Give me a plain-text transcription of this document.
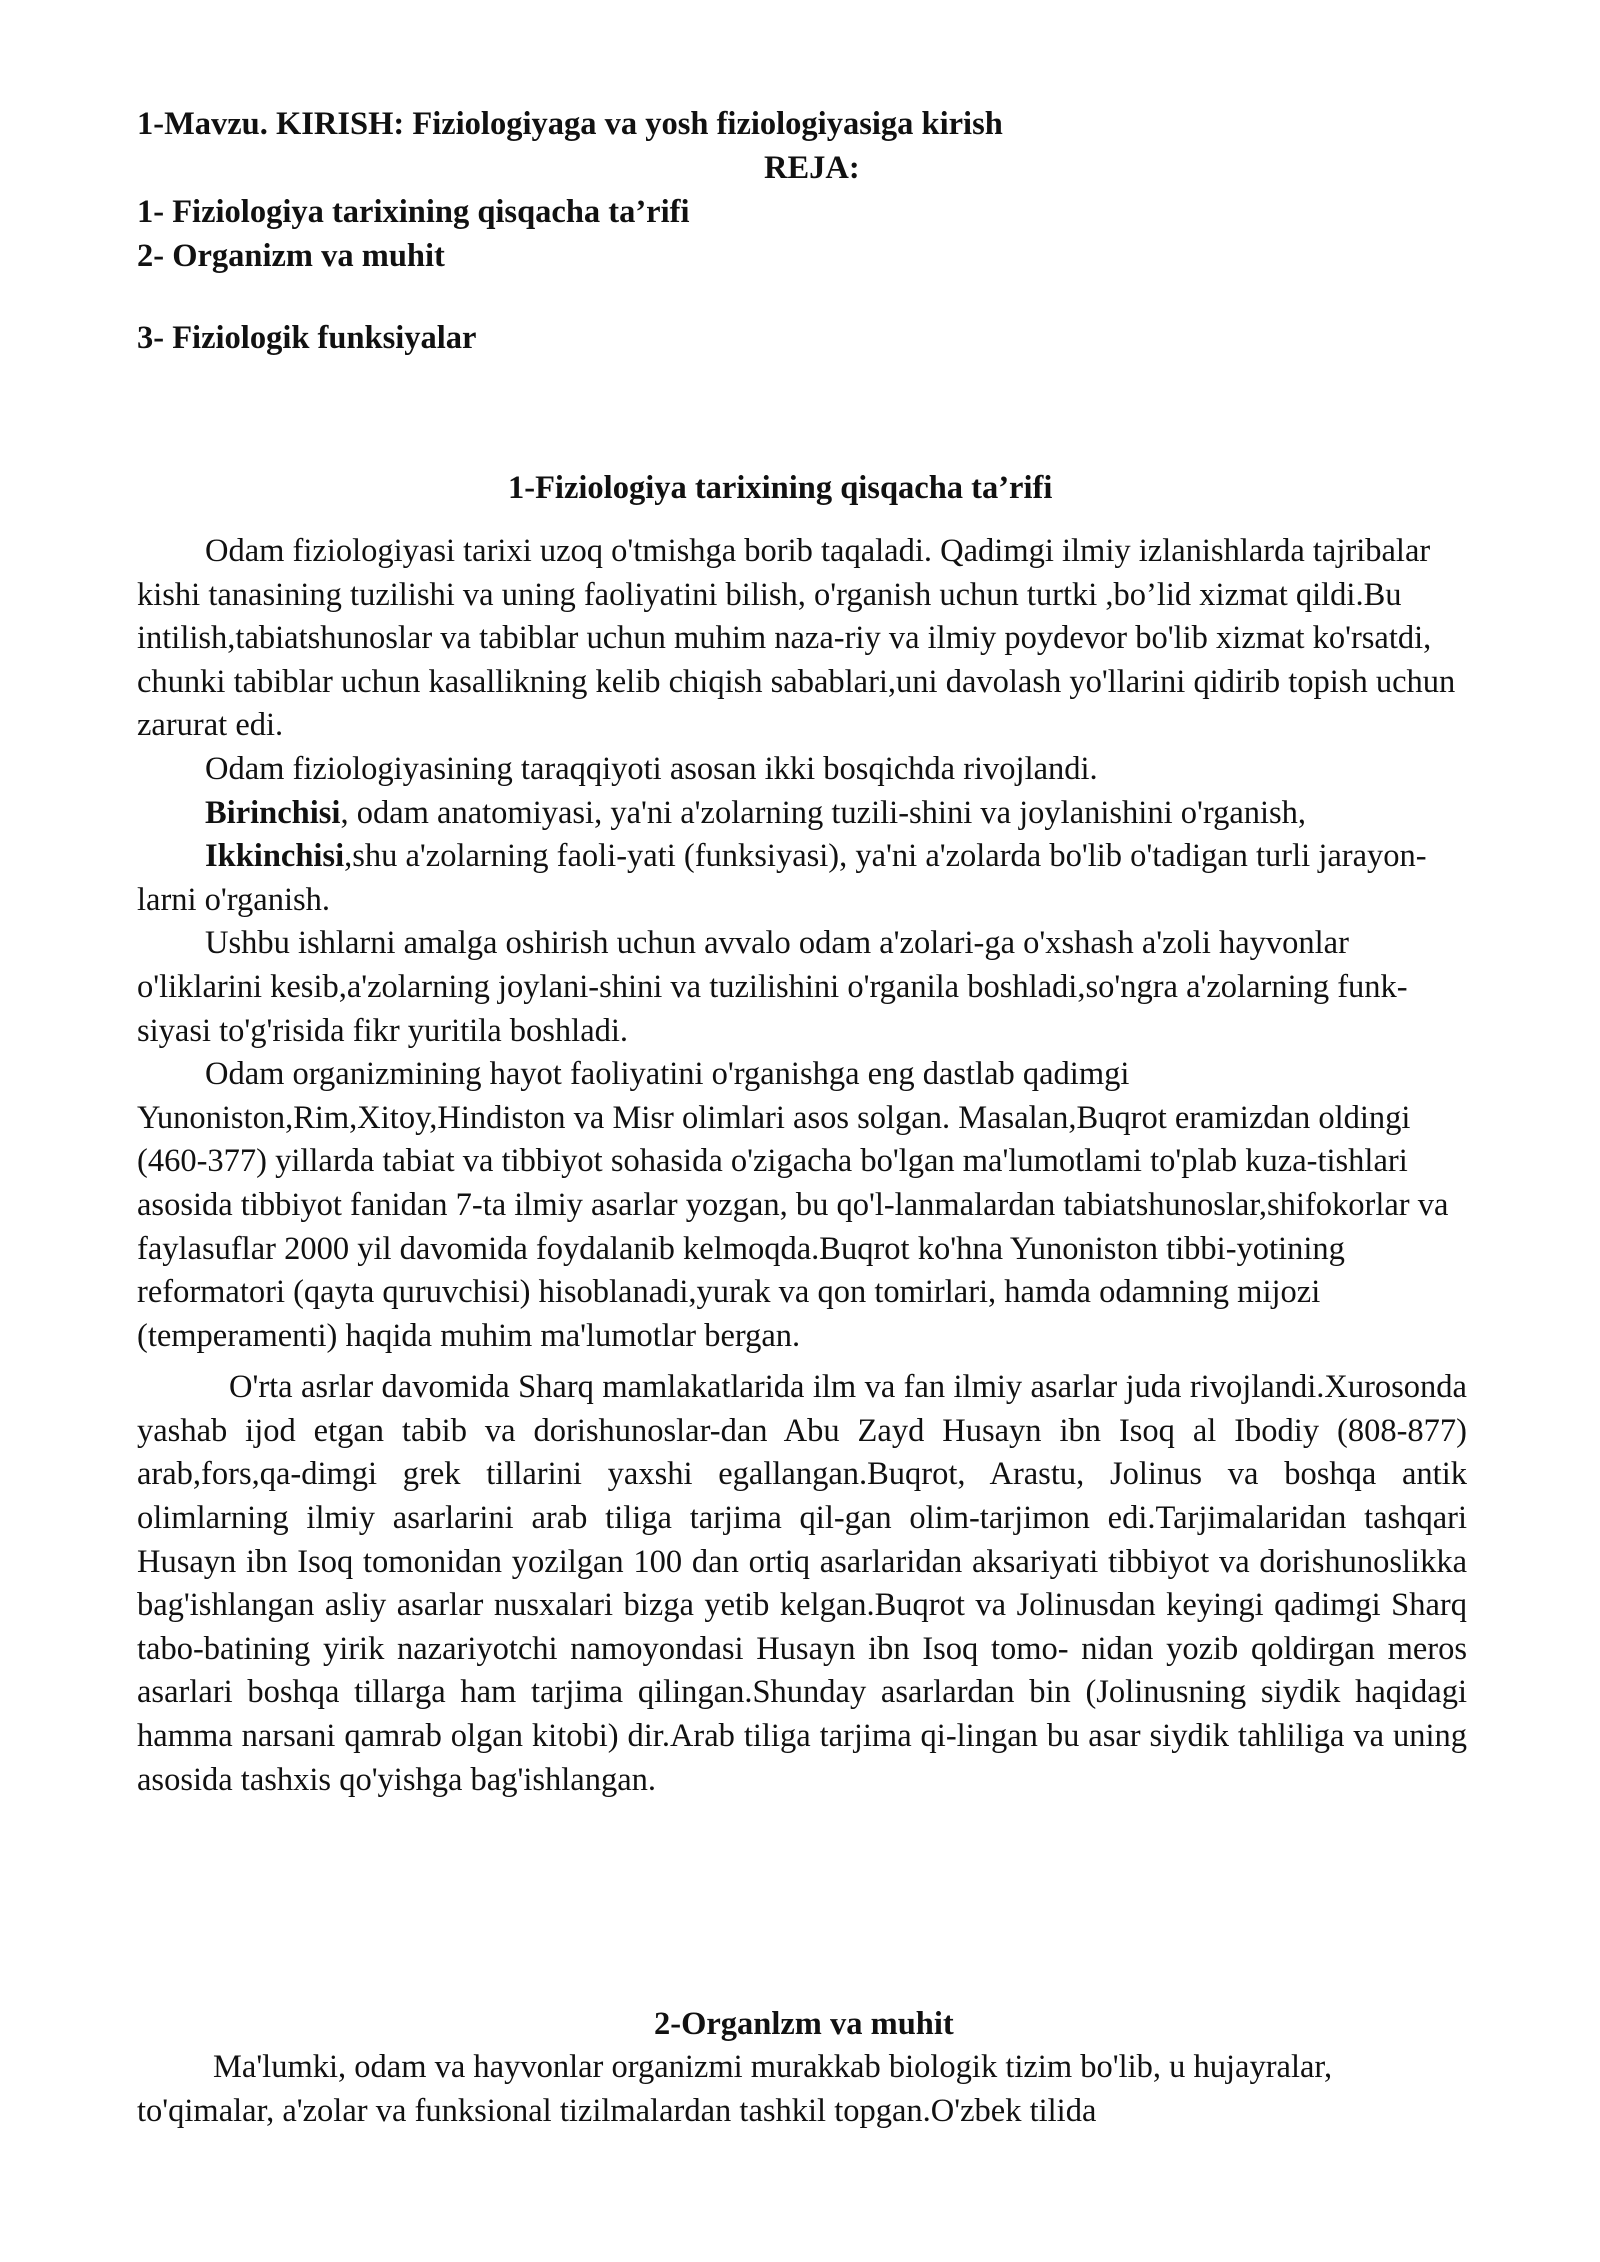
1-Mavzu. KIRISH: Fiziologiyaga va yosh fiziologiyasiga kirish
REJA:
1- Fiziologiya tarixining qisqacha ta’rifi
2- Organizm va muhit
3- Fiziologik funksiyalar
1-Fiziologiya tarixining qisqacha ta’rifi

Odam fiziologiyasi tarixi uzoq o'tmishga borib taqaladi. Qadimgi ilmiy izlanishlarda tajribalar kishi tanasining tuzilishi va uning faoliyatini bilish, o'rganish uchun turtki ,bo’lid xizmat qildi.Bu intilish,tabiatshunoslar va tabiblar uchun muhim naza-riy va ilmiy poydevor bo'lib xizmat ko'rsatdi, chunki tabiblar uchun kasallikning kelib chiqish sabablari,uni davolash yo'llarini qidirib topish uchun zarurat edi.

Odam fiziologiyasining taraqqiyoti asosan ikki bosqichda rivojlandi.

Birinchisi, odam anatomiyasi, ya'ni a'zolarning tuzili-shini va joylanishini o'rganish,

Ikkinchisi,shu a'zolarning faoli-yati (funksiyasi), ya'ni a'zolarda bo'lib o'tadigan turli jarayon-larni o'rganish.

Ushbu ishlarni amalga oshirish uchun avvalo odam a'zolari-ga o'xshash a'zoli hayvonlar o'liklarini kesib,a'zolarning joylani-shini va tuzilishini o'rganila boshladi,so'ngra a'zolarning funk-siyasi to'g'risida fikr yuritila boshladi.

Odam organizmining hayot faoliyatini o'rganishga eng dastlab qadimgi Yunoniston,Rim,Xitoy,Hindiston va Misr olimlari asos solgan. Masalan,Buqrot eramizdan oldingi (460-377) yillarda tabiat va tibbiyot sohasida o'zigacha bo'lgan ma'lumotlami to'plab kuza-tishlari asosida tibbiyot fanidan 7-ta ilmiy asarlar yozgan, bu qo'l-lanmalardan tabiatshunoslar,shifokorlar va faylasuflar 2000 yil davomida foydalanib kelmoqda.Buqrot ko'hna Yunoniston tibbi-yotining reformatori (qayta quruvchisi) hisoblanadi,yurak va qon tomirlari, hamda odamning mijozi (temperamenti) haqida muhim ma'lumotlar bergan.

O'rta asrlar davomida Sharq mamlakatlarida ilm va fan ilmiy asarlar juda rivojlandi.Xurosonda yashab ijod etgan tabib va dorishunoslar-dan Abu Zayd Husayn ibn Isoq al Ibodiy (808-877) arab,fors,qa-dimgi grek tillarini yaxshi egallangan.Buqrot, Arastu, Jolinus va boshqa antik olimlarning ilmiy asarlarini arab tiliga tarjima qil-gan olim-tarjimon edi.Tarjimalaridan tashqari Husayn ibn Isoq tomonidan yozilgan 100 dan ortiq asarlaridan aksariyati tibbiyot va dorishunoslikka bag'ishlangan asliy asarlar nusxalari bizga yetib kelgan.Buqrot va Jolinusdan keyingi qadimgi Sharq tabo-batining yirik nazariyotchi namoyondasi Husayn ibn Isoq tomo- nidan yozib qoldirgan meros asarlari boshqa tillarga ham tarjima qilingan.Shunday asarlardan bin (Jolinusning siydik haqidagi hamma narsani qamrab olgan kitobi) dir.Arab tiliga tarjima qi-lingan bu asar siydik tahliliga va uning asosida tashxis qo'yishga bag'ishlangan.

2-Organlzm va muhit

Ma'lumki, odam va hayvonlar organizmi murakkab biologik tizim bo'lib, u hujayralar, to'qimalar, a'zolar va funksional tizilmalardan tashkil topgan.O'zbek tilida
